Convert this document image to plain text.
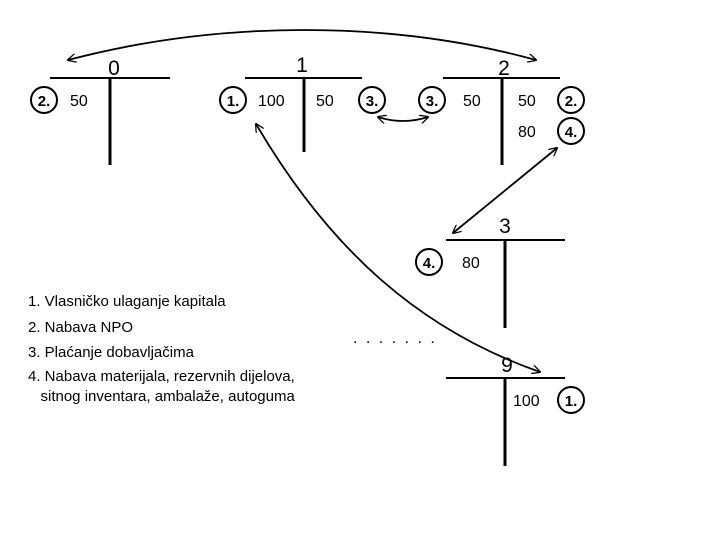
0
2. 50
1
1. 100 50 3.
2
3. 50 50 2.
80 4.
3
4. 80
9
100 1.
. . . . . . .
1. Vlasničko ulaganje kapitala
2. Nabava NPO
3. Plaćanje dobavljačima
4. Nabava materijala, rezervnih dijelova,
sitnog inventara, ambalaže, autoguma
